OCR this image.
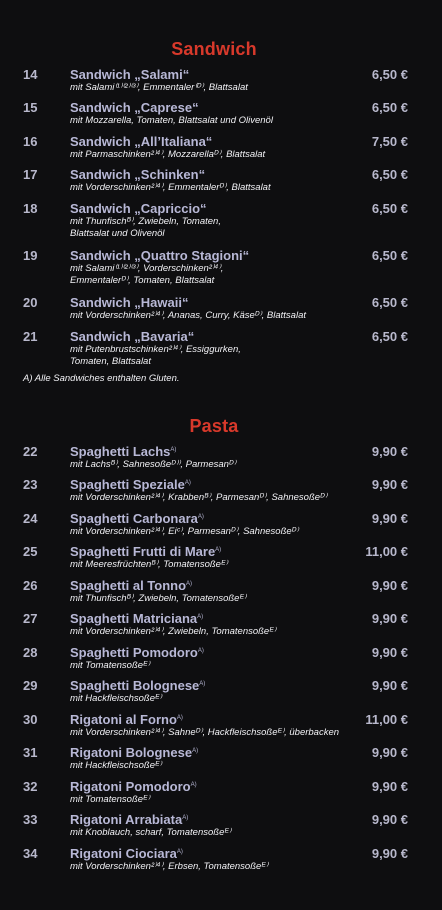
Sandwich
14	Sandwich „Salami“	6,50 €
mit Salami⁽¹⁾⁽²⁾⁽³⁾, Emmentaler⁽ᴰ⁾, Blattsalat
15	Sandwich „Caprese“	6,50 €
mit Mozzarella, Tomaten, Blattsalat und Olivenöl
16	Sandwich „All’Italiana“	7,50 €
mit Parmaschinken²⁾⁴⁾, Mozzarellaᴰ⁾, Blattsalat
17	Sandwich „Schinken“	6,50 €
mit Vorderschinken²⁾⁴⁾, Emmentalerᴰ⁾, Blattsalat
18	Sandwich „Capriccio“	6,50 €
mit Thunfischᴮ⁾, Zwiebeln, Tomaten,
Blattsalat und Olivenöl
19	Sandwich „Quattro Stagioni“	6,50 €
mit Salami⁽¹⁾⁽²⁾⁽³⁾, Vorderschinken²⁾⁴⁾,
Emmentalerᴰ⁾, Tomaten, Blattsalat
20	Sandwich „Hawaii“	6,50 €
mit Vorderschinken²⁾⁴⁾, Ananas, Curry, Käseᴰ⁾, Blattsalat
21	Sandwich „Bavaria“	6,50 €
mit Putenbrustschinken²⁾⁴⁾, Essiggurken,
Tomaten, Blattsalat
A) Alle Sandwiches enthalten Gluten.
Pasta
22	Spaghetti Lachs$^{A)}$	9,90 €
mit Lachsᴮ⁾, Sahnesoßeᴰ⁾⁾, Parmesanᴰ⁾
23	Spaghetti Speziale$^{A)}$	9,90 €
mit Vorderschinken²⁾⁴⁾, Krabbenᴮ⁾, Parmesanᴰ⁾, Sahnesoßeᴰ⁾
24	Spaghetti Carbonara$^{A)}$	9,90 €
mit Vorderschinken²⁾⁴⁾, Eiᶜ⁾, Parmesanᴰ⁾, Sahnesoßeᴰ⁾
25	Spaghetti Frutti di Mare$^{A)}$	11,00 €
mit Meeresfrüchtenᴮ⁾, Tomatensoßeᴱ⁾
26	Spaghetti al Tonno$^{A)}$	9,90 €
mit Thunfischᴮ⁾, Zwiebeln, Tomatensoßeᴱ⁾
27	Spaghetti Matriciana$^{A)}$	9,90 €
mit Vorderschinken²⁾⁴⁾, Zwiebeln, Tomatensoßeᴱ⁾
28	Spaghetti Pomodoro$^{A)}$	9,90 €
mit Tomatensoßeᴱ⁾
29	Spaghetti Bolognese$^{A)}$	9,90 €
mit Hackfleischsoßeᴱ⁾
30	Rigatoni al Forno$^{A)}$	11,00 €
mit Vorderschinken²⁾⁴⁾, Sahneᴰ⁾, Hackfleischsoßeᴱ⁾, überbacken
31	Rigatoni Bolognese$^{A)}$	9,90 €
mit Hackfleischsoßeᴱ⁾
32	Rigatoni Pomodoro$^{A)}$	9,90 €
mit Tomatensoßeᴱ⁾
33	Rigatoni Arrabiata$^{A)}$	9,90 €
mit Knoblauch, scharf, Tomatensoßeᴱ⁾
34	Rigatoni Ciociara$^{A)}$	9,90 €
mit Vorderschinken²⁾⁴⁾, Erbsen, Tomatensoßeᴱ⁾
